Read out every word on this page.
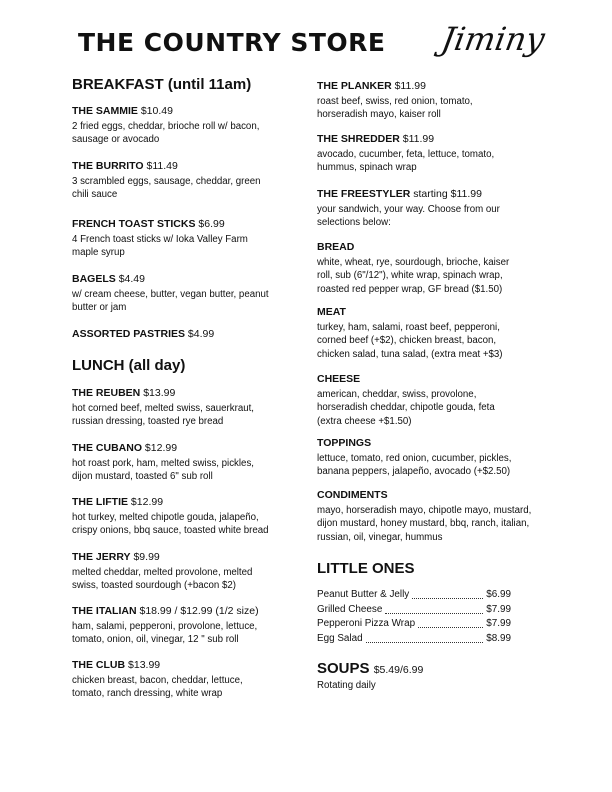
THE COUNTRY STORE Jiminy
BREAKFAST (until 11am)
THE SAMMIE $10.49
2 fried eggs, cheddar, brioche roll w/ bacon,
sausage or avocado
THE BURRITO $11.49
3 scrambled eggs, sausage, cheddar, green
chili sauce
FRENCH TOAST STICKS $6.99
4 French toast sticks w/ Ioka Valley Farm
maple syrup
BAGELS $4.49
w/ cream cheese, butter, vegan butter, peanut
butter or jam
ASSORTED PASTRIES $4.99
LUNCH (all day)
THE REUBEN $13.99
hot corned beef, melted swiss, sauerkraut,
russian dressing, toasted rye bread
THE CUBANO $12.99
hot roast pork, ham, melted swiss, pickles,
dijon mustard, toasted 6" sub roll
THE LIFTIE $12.99
hot turkey, melted chipotle gouda, jalapeño,
crispy onions, bbq sauce, toasted white bread
THE JERRY $9.99
melted cheddar, melted provolone, melted
swiss, toasted sourdough (+bacon $2)
THE ITALIAN $18.99 / $12.99 (1/2 size)
ham, salami, pepperoni, provolone, lettuce,
tomato, onion, oil, vinegar, 12 " sub roll
THE CLUB $13.99
chicken breast, bacon, cheddar, lettuce,
tomato, ranch dressing, white wrap
THE PLANKER $11.99
roast beef, swiss, red onion, tomato,
horseradish mayo, kaiser roll
THE SHREDDER $11.99
avocado, cucumber, feta, lettuce, tomato,
hummus, spinach wrap
THE FREESTYLER starting $11.99
your sandwich, your way. Choose from our
selections below:
BREAD
white, wheat, rye, sourdough, brioche, kaiser
roll, sub (6"/12"), white wrap, spinach wrap,
roasted red pepper wrap, GF bread ($1.50)
MEAT
turkey, ham, salami, roast beef, pepperoni,
corned beef (+$2), chicken breast, bacon,
chicken salad, tuna salad, (extra meat +$3)
CHEESE
american, cheddar, swiss, provolone,
horseradish cheddar, chipotle gouda, feta
(extra cheese +$1.50)
TOPPINGS
lettuce, tomato, red onion, cucumber, pickles,
banana peppers, jalapeño, avocado (+$2.50)
CONDIMENTS
mayo, horseradish mayo, chipotle mayo, mustard,
dijon mustard, honey mustard, bbq, ranch, italian,
russian, oil, vinegar, hummus
LITTLE ONES
Peanut Butter & Jelly	$6.99
Grilled Cheese	$7.99
Pepperoni Pizza Wrap	$7.99
Egg Salad	$8.99
SOUPS $5.49/6.99
Rotating daily
